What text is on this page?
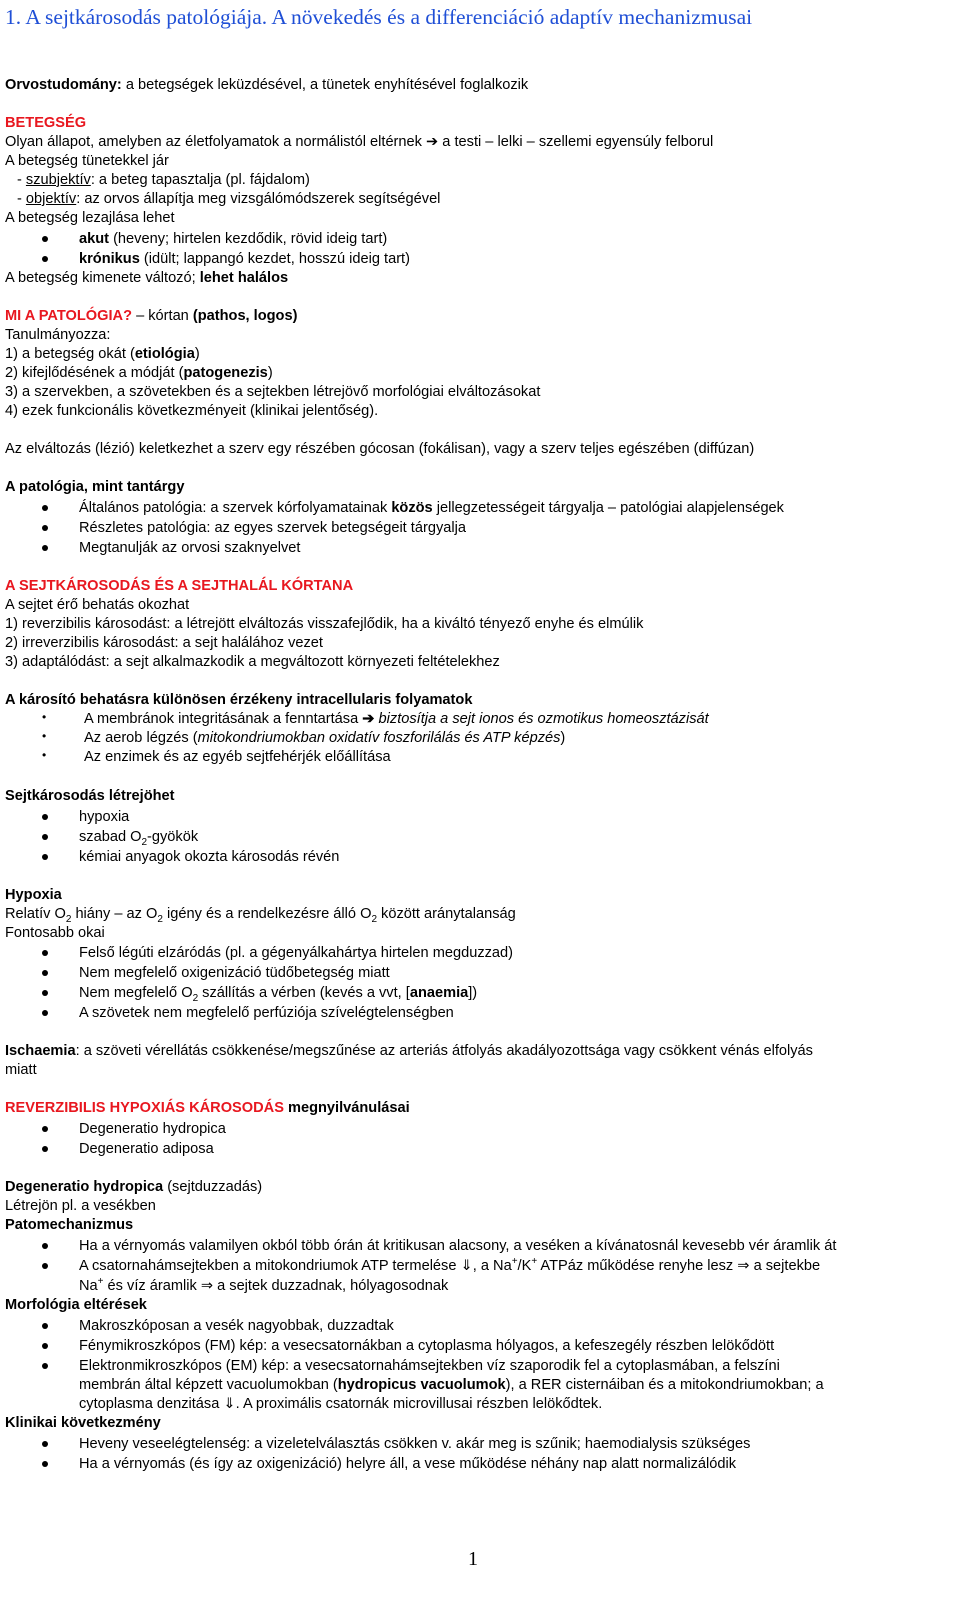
1. A sejtkárosodás patológiája. A növekedés és a differenciáció adaptív mechanizmusai
Orvostudomány: a betegségek leküzdésével, a tünetek enyhítésével foglalkozik
BETEGSÉG
Olyan állapot, amelyben az életfolyamatok a normálistól eltérnek ➔ a testi – lelki – szellemi egyensúly felborul
A betegség tünetekkel jár
- szubjektív: a beteg tapasztalja (pl. fájdalom)
- objektív: az orvos állapítja meg vizsgálómódszerek segítségével
A betegség lezajlása lehet
akut (heveny; hirtelen kezdődik, rövid ideig tart)
krónikus (idült; lappangó kezdet, hosszú ideig tart)
A betegség kimenete változó; lehet halálos
MI A PATOLÓGIA? – kórtan (pathos, logos)
Tanulmányozza:
1) a betegség okát (etiológia)
2) kifejlődésének a módját (patogenezis)
3) a szervekben, a szövetekben és a sejtekben létrejövő morfológiai elváltozásokat
4) ezek funkcionális következményeit (klinikai jelentőség).
Az elváltozás (lézió) keletkezhet a szerv egy részében gócosan (fokálisan), vagy a szerv teljes egészében (diffúzan)
A patológia, mint tantárgy
Általános patológia: a szervek kórfolyamatainak közös jellegzetességeit tárgyalja – patológiai alapjelenségek
Részletes patológia: az egyes szervek betegségeit tárgyalja
Megtanulják az orvosi szaknyelvet
A SEJTKÁROSODÁS ÉS A SEJTHALÁL KÓRTANA
A sejtet érő behatás okozhat
1) reverzibilis károsodást: a létrejött elváltozás visszafejlődik, ha a kiváltó tényező enyhe és elmúlik
2) irreverzibilis károsodást: a sejt halálához vezet
3) adaptálódást: a sejt alkalmazkodik a megváltozott környezeti feltételekhez
A károsító behatásra különösen érzékeny intracellularis folyamatok
•	A membránok integritásának a fenntartása ➔ biztosítja a sejt ionos és ozmotikus homeosztázisát
•	Az aerob légzés (mitokondriumokban oxidatív foszforilálás és ATP képzés)
•	Az enzimek és az egyéb sejtfehérjék előállítása
Sejtkárosodás létrejöhet
hypoxia
szabad $O_2$-gyökök
kémiai anyagok okozta károsodás révén
Hypoxia
Relatív $O_2$ hiány – az $O_2$ igény és a rendelkezésre álló $O_2$ között aránytalanság
Fontosabb okai
Felső légúti elzáródás (pl. a gégenyálkahártya hirtelen megduzzad)
Nem megfelelő oxigenizáció tüdőbetegség miatt
Nem megfelelő $O_2$ szállítás a vérben (kevés a vvt, [anaemia])
A szövetek nem megfelelő perfúziója szívelégtelenségben
Ischaemia: a szöveti vérellátás csökkenése/megszűnése az arteriás átfolyás akadályozottsága vagy csökkent vénás elfolyás
miatt
REVERZIBILIS HYPOXIÁS KÁROSODÁS megnyilvánulásai
Degeneratio hydropica
Degeneratio adiposa
Degeneratio hydropica (sejtduzzadás)
Létrejön pl. a vesékben
Patomechanizmus
Ha a vérnyomás valamilyen okból több órán át kritikusan alacsony, a veséken a kívánatosnál kevesebb vér áramlik át
A csatornahámsejtekben a mitokondriumok ATP termelése ⇓, a Na+/K+ ATPáz működése renyhe lesz ⇒ a sejtekbe
Na+ és víz áramlik ⇒ a sejtek duzzadnak, hólyagosodnak
Morfológia eltérések
Makroszkóposan a vesék nagyobbak, duzzadtak
Fénymikroszkópos (FM) kép: a vesecsatornákban a cytoplasma hólyagos, a kefeszegély részben lelökődött
Elektronmikroszkópos (EM) kép: a vesecsatornahámsejtekben víz szaporodik fel a cytoplasmában, a felszíni
membrán által képzett vacuolumokban (hydropicus vacuolumok), a RER cisternáiban és a mitokondriumokban; a
cytoplasma denzitása ⇓. A proximális csatornák microvillusai részben lelökődtek.
Klinikai következmény
Heveny veseelégtelenség: a vizeletelválasztás csökken v. akár meg is szűnik; haemodialysis szükséges
Ha a vérnyomás (és így az oxigenizáció) helyre áll, a vese működése néhány nap alatt normalizálódik
1
